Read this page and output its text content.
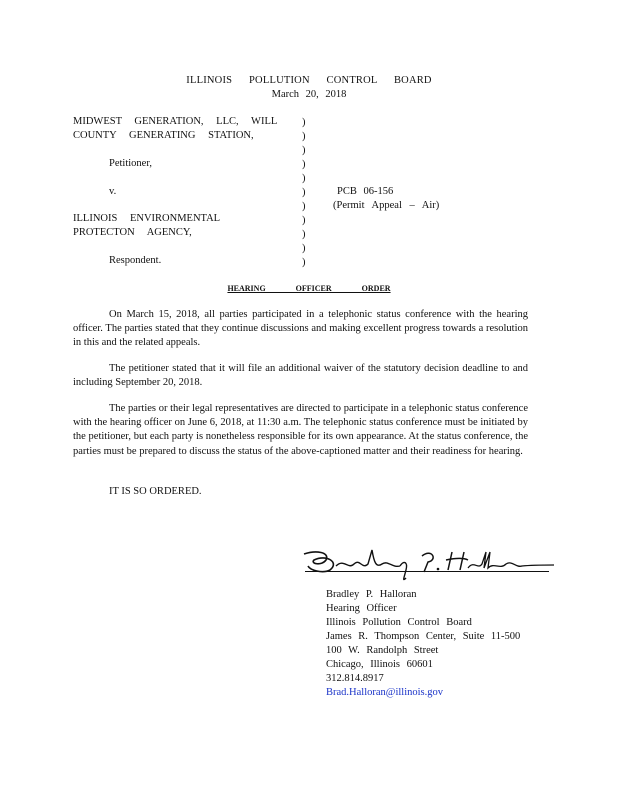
ILLINOIS POLLUTION CONTROL BOARD
March 20, 2018
MIDWEST GENERATION, LLC, WILL
COUNTY GENERATING STATION,
Petitioner,
v.
ILLINOIS ENVIRONMENTAL
PROTECTON AGENCY,
Respondent.
)
)
)
)
)
)
)
)
)
)
)
PCB 06-156
(Permit Appeal – Air)
HEARING OFFICER ORDER
On March 15, 2018, all parties participated in a telephonic status conference with the hearing officer. The parties stated that they continue discussions and making excellent progress towards a resolution in this and the related appeals.
The petitioner stated that it will file an additional waiver of the statutory decision deadline to and including September 20, 2018.
The parties or their legal representatives are directed to participate in a telephonic status conference with the hearing officer on June 6, 2018, at 11:30 a.m. The telephonic status conference must be initiated by the petitioner, but each party is nonetheless responsible for its own appearance. At the status conference, the parties must be prepared to discuss the status of the above-captioned matter and their readiness for hearing.
IT IS SO ORDERED.
Bradley P. Halloran
Hearing Officer
Illinois Pollution Control Board
James R. Thompson Center, Suite 11-500
100 W. Randolph Street
Chicago, Illinois 60601
312.814.8917
Brad.Halloran@illinois.gov
